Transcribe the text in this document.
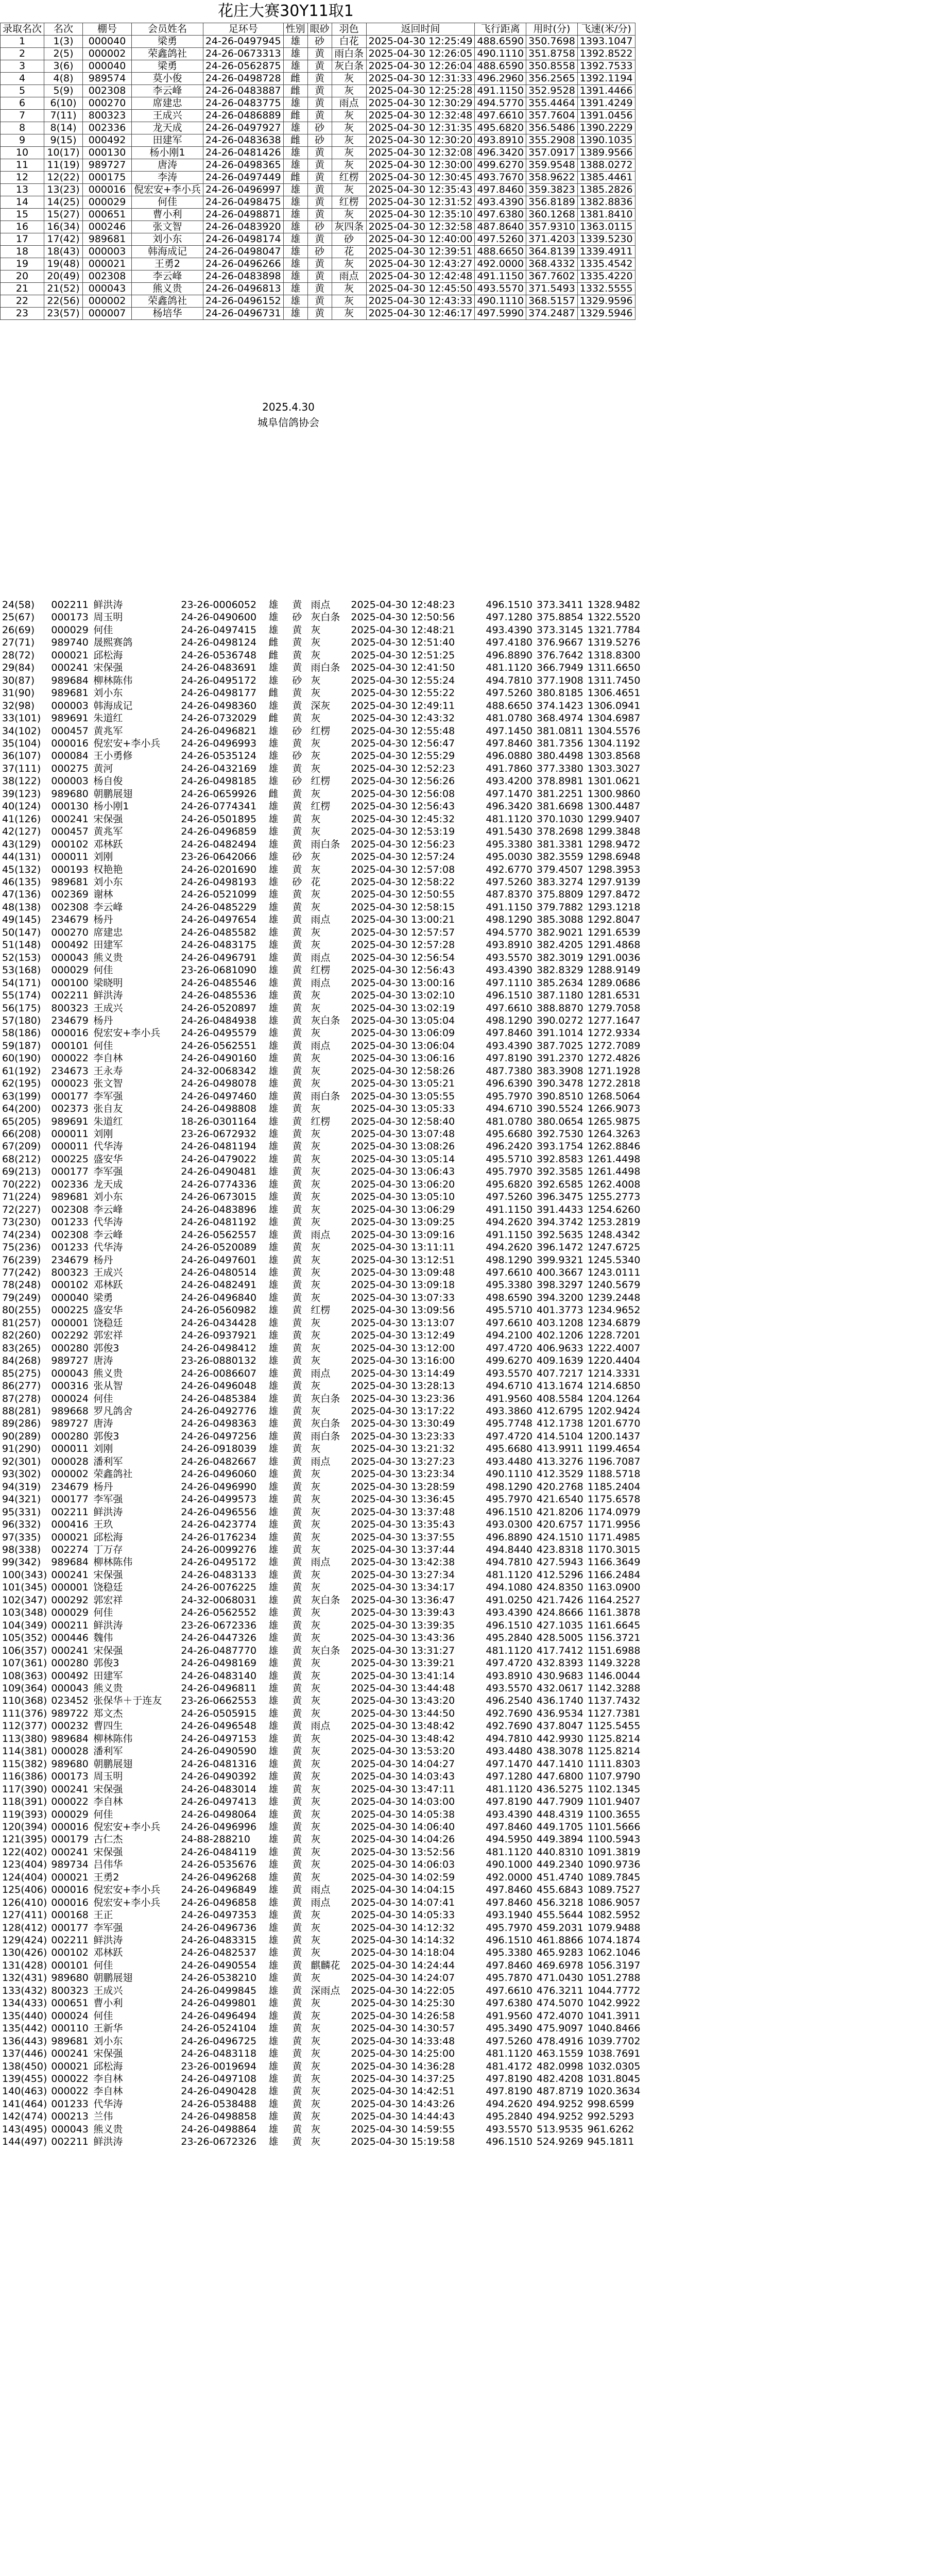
花庄大赛30Y11取1
录取名次	名次	棚号	会员姓名	足环号	性别	眼砂	羽色	返回时间	飞行距离	用时(分)	飞速(米/分)
1	1(3)	000040	梁勇	24-26-0497945	雄	砂	白花	2025-04-30 12:25:49	488.6590	350.7698	1393.1047
2	2(5)	000002	荣鑫鸽社	24-26-0673313	雄	黄	雨白条	2025-04-30 12:26:05	490.1110	351.8758	1392.8522
3	3(6)	000040	梁勇	24-26-0562875	雄	黄	灰白条	2025-04-30 12:26:04	488.6590	350.8558	1392.7533
4	4(8)	989574	莫小俊	24-26-0498728	雌	黄	灰	2025-04-30 12:31:33	496.2960	356.2565	1392.1194
5	5(9)	002308	李云峰	24-26-0483887	雌	黄	灰	2025-04-30 12:25:28	491.1150	352.9528	1391.4466
6	6(10)	000270	席建忠	24-26-0483775	雄	黄	雨点	2025-04-30 12:30:29	494.5770	355.4464	1391.4249
7	7(11)	800323	王成兴	24-26-0486889	雌	黄	灰	2025-04-30 12:32:48	497.6610	357.7604	1391.0456
8	8(14)	002336	龙天成	24-26-0497927	雄	砂	灰	2025-04-30 12:31:35	495.6820	356.5486	1390.2229
9	9(15)	000492	田建军	24-26-0483638	雌	砂	灰	2025-04-30 12:30:20	493.8910	355.2908	1390.1035
10	10(17)	000130	杨小刚1	24-26-0481426	雄	黄	灰	2025-04-30 12:32:08	496.3420	357.0917	1389.9566
11	11(19)	989727	唐涛	24-26-0498365	雄	黄	灰	2025-04-30 12:30:00	499.6270	359.9548	1388.0272
12	12(22)	000175	李涛	24-26-0497449	雌	黄	红楞	2025-04-30 12:30:45	493.7670	358.9622	1385.4461
13	13(23)	000016	倪宏安+李小兵	24-26-0496997	雄	黄	灰	2025-04-30 12:35:43	497.8460	359.3823	1385.2826
14	14(25)	000029	何佳	24-26-0498475	雄	黄	红楞	2025-04-30 12:31:52	493.4390	356.8189	1382.8836
15	15(27)	000651	曹小利	24-26-0498871	雄	黄	灰	2025-04-30 12:35:10	497.6380	360.1268	1381.8410
16	16(34)	000246	张文智	24-26-0483920	雄	砂	灰四条	2025-04-30 12:32:58	487.8640	357.9310	1363.0115
17	17(42)	989681	刘小东	24-26-0498174	雄	黄	砂	2025-04-30 12:40:00	497.5260	371.4203	1339.5230
18	18(43)	000003	韩海成记	24-26-0498047	雄	砂	花	2025-04-30 12:39:51	488.6650	364.8139	1339.4911
19	19(48)	000021	王勇2	24-26-0496266	雄	黄	灰	2025-04-30 12:43:27	492.0000	368.4332	1335.4542
20	20(49)	002308	李云峰	24-26-0483898	雄	黄	雨点	2025-04-30 12:42:48	491.1150	367.7602	1335.4220
21	21(52)	000043	熊义贵	24-26-0496813	雄	黄	灰	2025-04-30 12:45:50	493.5570	371.5493	1332.5555
22	22(56)	000002	荣鑫鸽社	24-26-0496152	雄	黄	灰	2025-04-30 12:43:33	490.1110	368.5157	1329.9596
23	23(57)	000007	杨培华	24-26-0496731	雄	黄	灰	2025-04-30 12:46:17	497.5990	374.2487	1329.5946
2025.4.30
城阜信鸽协会
24(58)	002211	鲜洪涛	23-26-0006052	雄	黄	雨点	2025-04-30 12:48:23	496.1510	373.3411	1328.9482
25(67)	000173	周玉明	24-26-0490600	雄	砂	灰白条	2025-04-30 12:50:56	497.1280	375.8854	1322.5520
26(69)	000029	何佳	24-26-0497415	雄	黄	灰	2025-04-30 12:48:21	493.4390	373.3145	1321.7784
27(71)	989740	晟熙赛鸽	24-26-0498124	雌	黄	灰	2025-04-30 12:51:40	497.4180	376.9667	1319.5276
28(72)	000021	邱松海	24-26-0536748	雌	黄	灰	2025-04-30 12:51:25	496.8890	376.7642	1318.8300
29(84)	000241	宋保强	24-26-0483691	雄	黄	雨白条	2025-04-30 12:41:50	481.1120	366.7949	1311.6650
30(87)	989684	柳林陈伟	24-26-0495172	雄	砂	灰	2025-04-30 12:55:24	494.7810	377.1908	1311.7450
31(90)	989681	刘小东	24-26-0498177	雌	黄	灰	2025-04-30 12:55:22	497.5260	380.8185	1306.4651
32(98)	000003	韩海成记	24-26-0498360	雄	黄	深灰	2025-04-30 12:49:11	488.6650	374.1423	1306.0941
33(101)	989691	朱道红	24-26-0732029	雌	黄	灰	2025-04-30 12:43:32	481.0780	368.4974	1304.6987
34(102)	000457	黄兆军	24-26-0496821	雄	砂	红楞	2025-04-30 12:55:48	497.1450	381.0811	1304.5576
35(104)	000016	倪宏安+李小兵	24-26-0496993	雄	黄	灰	2025-04-30 12:56:47	497.8460	381.7356	1304.1192
36(107)	000084	王小勇修	24-26-0535124	雄	砂	灰	2025-04-30 12:55:29	496.0880	380.4498	1303.8568
37(111)	000275	黄河	24-26-0432169	雄	黄	灰	2025-04-30 12:52:23	491.7860	377.3380	1303.3027
38(122)	000003	杨自俊	24-26-0498185	雄	砂	红楞	2025-04-30 12:56:26	493.4200	378.8981	1301.0621
39(123)	989680	朝鹏展翅	24-26-0659926	雌	黄	灰	2025-04-30 12:56:08	497.1470	381.2251	1300.9860
40(124)	000130	杨小刚1	24-26-0774341	雄	黄	红楞	2025-04-30 12:56:43	496.3420	381.6698	1300.4487
41(126)	000241	宋保强	24-26-0501895	雄	黄	灰	2025-04-30 12:45:32	481.1120	370.1030	1299.9407
42(127)	000457	黄兆军	24-26-0496859	雄	黄	灰	2025-04-30 12:53:19	491.5430	378.2698	1299.3848
43(129)	000102	邓林跃	24-26-0482494	雄	黄	雨白条	2025-04-30 12:56:23	495.3380	381.3381	1298.9472
44(131)	000011	刘刚	23-26-0642066	雄	砂	灰	2025-04-30 12:57:24	495.0030	382.3559	1298.6948
45(132)	000193	权艳艳	24-26-0201690	雄	黄	灰	2025-04-30 12:57:08	492.6770	379.4507	1298.3953
46(135)	989681	刘小东	24-26-0498193	雄	砂	花	2025-04-30 12:58:22	497.5260	383.3274	1297.9139
47(136)	002369	谢林	24-26-0521099	雄	黄	灰	2025-04-30 12:50:55	487.8370	375.8809	1297.8472
48(138)	002308	李云峰	24-26-0485229	雄	黄	灰	2025-04-30 12:58:15	491.1150	379.7882	1293.1218
49(145)	234679	杨丹	24-26-0497654	雄	黄	雨点	2025-04-30 13:00:21	498.1290	385.3088	1292.8047
50(147)	000270	席建忠	24-26-0485582	雄	黄	灰	2025-04-30 12:57:57	494.5770	382.9021	1291.6539
51(148)	000492	田建军	24-26-0483175	雄	黄	灰	2025-04-30 12:57:28	493.8910	382.4205	1291.4868
52(153)	000043	熊义贵	24-26-0496791	雄	黄	雨点	2025-04-30 12:56:54	493.5570	382.3019	1291.0036
53(168)	000029	何佳	23-26-0681090	雄	黄	红楞	2025-04-30 12:56:43	493.4390	382.8329	1288.9149
54(171)	000100	梁晓明	24-26-0485546	雄	黄	雨点	2025-04-30 13:00:16	497.1110	385.2634	1289.0686
55(174)	002211	鲜洪涛	24-26-0485536	雄	黄	灰	2025-04-30 13:02:10	496.1510	387.1180	1281.6531
56(175)	800323	王成兴	24-26-0520897	雄	黄	灰	2025-04-30 13:02:19	497.6610	388.8870	1279.7058
57(180)	234679	杨丹	24-26-0484938	雄	黄	灰白条	2025-04-30 13:05:04	498.1290	390.0272	1277.1647
58(186)	000016	倪宏安+李小兵	24-26-0495579	雄	黄	灰	2025-04-30 13:06:09	497.8460	391.1014	1272.9334
59(187)	000101	何佳	24-26-0562551	雄	黄	雨点	2025-04-30 13:06:04	493.4390	387.7025	1272.7089
60(190)	000022	李自林	24-26-0490160	雄	黄	灰	2025-04-30 13:06:16	497.8190	391.2370	1272.4826
61(192)	234673	王永寿	24-32-0068342	雄	黄	灰	2025-04-30 12:58:26	487.7380	383.3908	1271.1928
62(195)	000023	张文智	24-26-0498078	雄	黄	灰	2025-04-30 13:05:21	496.6390	390.3478	1272.2818
63(199)	000177	李军强	24-26-0497460	雄	黄	雨白条	2025-04-30 13:05:55	495.7970	390.8510	1268.5064
64(200)	002373	张自友	24-26-0498808	雄	黄	灰	2025-04-30 13:05:33	494.6710	390.5524	1266.9073
65(205)	989691	朱道红	18-26-0301164	雄	黄	红楞	2025-04-30 12:58:40	481.0780	380.0654	1265.9875
66(208)	000011	刘刚	23-26-0672932	雄	黄	灰	2025-04-30 13:07:48	495.6680	392.7530	1264.3263
67(209)	000011	代华涛	24-26-0481194	雄	黄	灰	2025-04-30 13:08:26	496.2420	393.1754	1262.8846
68(212)	000225	盛安华	24-26-0479022	雄	黄	灰	2025-04-30 13:05:14	495.5710	392.8583	1261.4498
69(213)	000177	李军强	24-26-0490481	雄	黄	灰	2025-04-30 13:06:43	495.7970	392.3585	1261.4498
70(222)	002336	龙天成	24-26-0774336	雄	黄	灰	2025-04-30 13:06:20	495.6820	392.6585	1262.4008
71(224)	989681	刘小东	24-26-0673015	雄	黄	灰	2025-04-30 13:05:10	497.5260	396.3475	1255.2773
72(227)	002308	李云峰	24-26-0483896	雄	黄	灰	2025-04-30 13:06:29	491.1150	391.4433	1254.6260
73(230)	001233	代华涛	24-26-0481192	雄	黄	灰	2025-04-30 13:09:25	494.2620	394.3742	1253.2819
74(234)	002308	李云峰	24-26-0562557	雄	黄	雨点	2025-04-30 13:09:16	491.1150	392.5635	1248.4342
75(236)	001233	代华涛	24-26-0520089	雄	黄	灰	2025-04-30 13:11:11	494.2620	396.1472	1247.6725
76(239)	234679	杨丹	24-26-0497601	雄	黄	灰	2025-04-30 13:12:51	498.1290	399.9321	1245.5340
77(242)	800323	王成兴	24-26-0480514	雄	黄	灰	2025-04-30 13:09:48	497.6610	400.3667	1243.0111
78(248)	000102	邓林跃	24-26-0482491	雄	黄	灰	2025-04-30 13:09:18	495.3380	398.3297	1240.5679
79(249)	000040	梁勇	24-26-0496840	雄	黄	灰	2025-04-30 13:07:33	498.6590	394.3200	1239.2448
80(255)	000225	盛安华	24-26-0560982	雄	黄	红楞	2025-04-30 13:09:56	495.5710	401.3773	1234.9652
81(257)	000001	饶稳廷	24-26-0434428	雄	黄	灰	2025-04-30 13:13:07	497.6610	403.1208	1234.6879
82(260)	002292	郭宏祥	24-26-0937921	雄	黄	灰	2025-04-30 13:12:49	494.2100	402.1206	1228.7201
83(265)	000280	郭俊3	24-26-0498412	雄	黄	灰	2025-04-30 13:12:00	497.4720	406.9633	1222.4007
84(268)	989727	唐涛	23-26-0880132	雄	黄	灰	2025-04-30 13:16:00	499.6270	409.1639	1220.4404
85(275)	000043	熊义贵	24-26-0086607	雄	黄	雨点	2025-04-30 13:14:49	493.5570	407.7217	1214.3331
86(277)	000316	张从智	24-26-0496048	雄	黄	灰	2025-04-30 13:28:13	494.6710	413.1674	1214.6850
87(278)	000024	何佳	24-26-0485384	雄	黄	灰白条	2025-04-30 13:23:36	491.9560	408.5584	1204.1264
88(281)	989668	罗凡鸽舍	24-26-0492776	雄	黄	灰	2025-04-30 13:17:22	493.3860	412.6795	1202.9424
89(286)	989727	唐涛	24-26-0498363	雄	黄	灰白条	2025-04-30 13:30:49	495.7748	412.1738	1201.6770
90(289)	000280	郭俊3	24-26-0497256	雄	黄	雨白条	2025-04-30 13:23:33	497.4720	414.5104	1200.1437
91(290)	000011	刘刚	24-26-0918039	雄	黄	灰	2025-04-30 13:21:32	495.6680	413.9911	1199.4654
92(301)	000028	潘利军	24-26-0482667	雄	黄	雨点	2025-04-30 13:27:23	493.4480	413.3276	1196.7087
93(302)	000002	荣鑫鸽社	24-26-0496060	雄	黄	灰	2025-04-30 13:23:34	490.1110	412.3529	1188.5718
94(319)	234679	杨丹	24-26-0496990	雄	黄	灰	2025-04-30 13:28:59	498.1290	420.2768	1185.2404
94(321)	000177	李军强	24-26-0499573	雄	黄	灰	2025-04-30 13:36:45	495.7970	421.6540	1175.6578
95(331)	002211	鲜洪涛	24-26-0496556	雄	黄	灰	2025-04-30 13:37:48	496.1510	421.8206	1174.0979
96(332)	000416	王玖	24-26-0423774	雄	黄	灰	2025-04-30 13:35:43	493.0300	420.6757	1171.9956
97(335)	000021	邱松海	24-26-0176234	雄	黄	灰	2025-04-30 13:37:55	496.8890	424.1510	1171.4985
98(338)	002274	丁万存	24-26-0099276	雄	黄	灰	2025-04-30 13:37:44	494.8440	423.8318	1170.3015
99(342)	989684	柳林陈伟	24-26-0495172	雄	黄	雨点	2025-04-30 13:42:38	494.7810	427.5943	1166.3649
100(343)	000241	宋保强	24-26-0483133	雄	黄	灰	2025-04-30 13:27:34	481.1120	412.5296	1166.2484
101(345)	000001	饶稳廷	24-26-0076225	雄	黄	灰	2025-04-30 13:34:17	494.1080	424.8350	1163.0900
102(347)	000292	郭宏祥	24-32-0068031	雄	黄	灰白条	2025-04-30 13:36:47	491.0250	421.7426	1164.2527
103(348)	000029	何佳	24-26-0562552	雄	黄	灰	2025-04-30 13:39:43	493.4390	424.8666	1161.3878
104(349)	000211	鲜洪涛	23-26-0672336	雄	黄	灰	2025-04-30 13:39:35	496.1510	427.1035	1161.6645
105(352)	000446	魏伟	24-26-0447326	雄	黄	灰	2025-04-30 13:43:36	495.2840	428.5005	1156.3721
106(357)	000241	宋保强	24-26-0487770	雄	黄	灰白条	2025-04-30 13:31:27	481.1120	417.7412	1151.6988
107(361)	000280	郭俊3	24-26-0498169	雄	黄	灰	2025-04-30 13:39:21	497.4720	432.8393	1149.3228
108(363)	000492	田建军	24-26-0483140	雄	黄	灰	2025-04-30 13:41:14	493.8910	430.9683	1146.0044
109(364)	000043	熊义贵	24-26-0496811	雄	黄	灰	2025-04-30 13:44:48	493.5570	432.0617	1142.3288
110(368)	023452	张保华＋于连友	23-26-0662553	雄	黄	灰	2025-04-30 13:43:20	496.2540	436.1740	1137.7432
111(376)	989722	郑文杰	24-26-0505915	雄	黄	灰	2025-04-30 13:44:50	492.7690	436.9534	1127.7381
112(377)	000232	曹四生	24-26-0496548	雄	黄	雨点	2025-04-30 13:48:42	492.7690	437.8047	1125.5455
113(380)	989684	柳林陈伟	24-26-0497153	雄	黄	灰	2025-04-30 13:48:42	494.7810	442.9930	1125.8214
114(381)	000028	潘利军	24-26-0490590	雄	黄	灰	2025-04-30 13:53:20	493.4480	438.3078	1125.8214
115(382)	989680	朝鹏展翅	24-26-0481316	雄	黄	灰	2025-04-30 14:04:27	497.1470	447.1410	1111.8303
116(386)	000173	周玉明	24-26-0490392	雄	黄	灰	2025-04-30 14:03:43	497.1280	447.6800	1107.9790
117(390)	000241	宋保强	24-26-0483014	雄	黄	灰	2025-04-30 13:47:11	481.1120	436.5275	1102.1345
118(391)	000022	李自林	24-26-0497413	雄	黄	灰	2025-04-30 14:03:00	497.8190	447.7909	1101.9407
119(393)	000029	何佳	24-26-0498064	雄	黄	灰	2025-04-30 14:05:38	493.4390	448.4319	1100.3655
120(394)	000016	倪宏安+李小兵	24-26-0496996	雄	黄	灰	2025-04-30 14:06:40	497.8460	449.1705	1101.5666
121(395)	000179	古仁杰	24-88-288210	雄	黄	灰	2025-04-30 14:04:26	494.5950	449.3894	1100.5943
122(402)	000241	宋保强	24-26-0484119	雄	黄	灰	2025-04-30 13:52:56	481.1120	440.8310	1091.3819
123(404)	989734	吕伟华	24-26-0535676	雄	黄	灰	2025-04-30 14:06:03	490.1000	449.2340	1090.9736
124(404)	000021	王勇2	24-26-0496268	雄	黄	灰	2025-04-30 14:02:59	492.0000	451.4740	1089.7845
125(406)	000016	倪宏安+李小兵	24-26-0496849	雄	黄	雨点	2025-04-30 14:04:15	497.8460	455.6843	1089.7527
126(410)	000016	倪宏安+李小兵	24-26-0496858	雄	黄	雨点	2025-04-30 14:07:41	497.8460	456.3218	1086.9057
127(411)	000168	王正	24-26-0497353	雄	黄	灰	2025-04-30 14:05:33	493.1940	455.5644	1082.5952
128(412)	000177	李军强	24-26-0496736	雄	黄	灰	2025-04-30 14:12:32	495.7970	459.2031	1079.9488
129(424)	002211	鲜洪涛	24-26-0483315	雄	黄	灰	2025-04-30 14:14:32	496.1510	461.8866	1074.1874
130(426)	000102	邓林跃	24-26-0482537	雄	黄	灰	2025-04-30 14:18:04	495.3380	465.9283	1062.1046
131(428)	000101	何佳	24-26-0490554	雄	黄	麒麟花	2025-04-30 14:24:44	497.8460	469.6978	1056.3197
132(431)	989680	朝鹏展翅	24-26-0538210	雄	黄	灰	2025-04-30 14:24:07	495.7870	471.0430	1051.2788
133(432)	800323	王成兴	24-26-0499845	雄	黄	深雨点	2025-04-30 14:22:05	497.6610	476.3211	1044.7772
134(433)	000651	曹小利	24-26-0499801	雄	黄	灰	2025-04-30 14:25:30	497.6380	474.5070	1042.9922
135(440)	000024	何佳	24-26-0496494	雄	黄	灰	2025-04-30 14:26:58	491.9560	472.4070	1041.3911
135(442)	000110	王新华	24-26-0524104	雄	黄	灰	2025-04-30 14:30:57	495.3490	475.9097	1040.8466
136(443)	989681	刘小东	24-26-0496725	雄	黄	灰	2025-04-30 14:33:48	497.5260	478.4916	1039.7702
137(446)	000241	宋保强	24-26-0483118	雄	黄	灰	2025-04-30 14:25:00	481.1120	463.1559	1038.7691
138(450)	000021	邱松海	23-26-0019694	雄	黄	灰	2025-04-30 14:36:28	481.4172	482.0998	1032.0305
139(455)	000022	李自林	24-26-0497108	雄	黄	灰	2025-04-30 14:37:25	497.8190	482.4208	1031.8045
140(463)	000022	李自林	24-26-0490428	雄	黄	灰	2025-04-30 14:42:51	497.8190	487.8719	1020.3634
141(464)	001233	代华涛	24-26-0538488	雄	黄	灰	2025-04-30 14:43:26	494.2620	494.9252	998.6599
142(474)	000213	兰伟	24-26-0498858	雄	黄	灰	2025-04-30 14:44:43	495.2840	494.9252	992.5293
143(495)	000043	熊义贵	24-26-0498864	雄	黄	灰	2025-04-30 14:59:55	493.5570	513.9535	961.6262
144(497)	002211	鲜洪涛	23-26-0672326	雄	黄	灰	2025-04-30 15:19:58	496.1510	524.9269	945.1811
